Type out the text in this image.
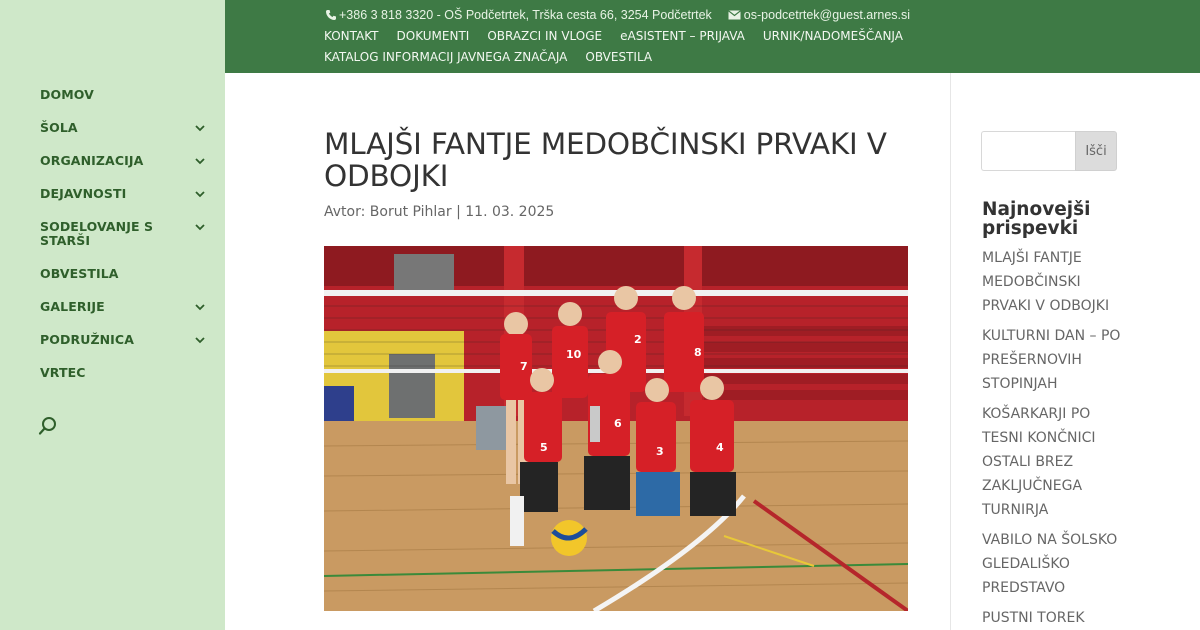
DOMOV
ŠOLA
ORGANIZACIJA
DEJAVNOSTI
SODELOVANJE S STARŠI
OBVESTILA
GALERIJE
PODRUŽNICA
VRTEC
+386 3 818 3320 - OŠ Podčetrtek, Trška cesta 66, 3254 Podčetrtek	os-podcetrtek@guest.arnes.si
KONTAKT DOKUMENTI OBRAZCI IN VLOGE eASISTENT – PRIJAVA URNIK/NADOMEŠČANJA
KATALOG INFORMACIJ JAVNEGA ZNAČAJA OBVESTILA
MLAJŠI FANTJE MEDOBČINSKI PRVAKI V ODBOJKI
Avtor: Borut Pihlar | 11. 03. 2025
7
10
2
8
5
6
3	4
Išči
Najnovejši prispevki
MLAJŠI FANTJE MEDOBČINSKI PRVAKI V ODBOJKI
KULTURNI DAN – PO PREŠERNOVIH STOPINJAH
KOŠARKARJI PO TESNI KONČNICI OSTALI BREZ ZAKLJUČNEGA TURNIRJA
VABILO NA ŠOLSKO GLEDALIŠKO PREDSTAVO
PUSTNI TOREK
